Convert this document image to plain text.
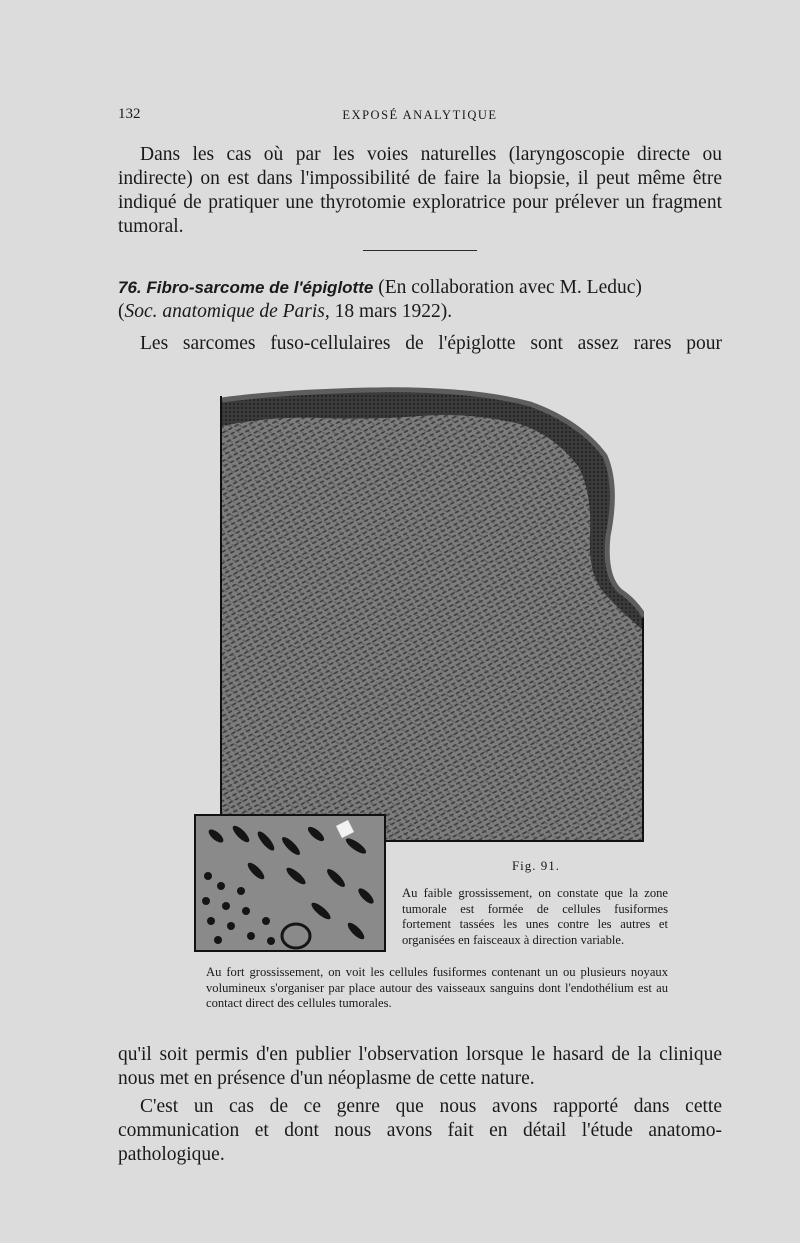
132	EXPOSÉ ANALYTIQUE

Dans les cas où par les voies naturelles (laryngoscopie directe ou indirecte) on est dans l'impossibilité de faire la biopsie, il peut même être indiqué de pratiquer une thyrotomie exploratrice pour prélever un fragment tumoral.

76. Fibro-sarcome de l'épiglotte (En collaboration avec M. Leduc)
(Soc. anatomique de Paris, 18 mars 1922).

Les sarcomes fuso-cellulaires de l'épiglotte sont assez rares pour

Fig. 91.

Au faible grossissement, on constate que la zone tumorale est formée de cellules fusiformes fortement tassées les unes contre les autres et organisées en faisceaux à direction variable.

Au fort grossissement, on voit les cellules fusiformes contenant un ou plusieurs noyaux volumineux s'organiser par place autour des vaisseaux sanguins dont l'endothélium est au contact direct des cellules tumorales.

qu'il soit permis d'en publier l'observation lorsque le hasard de la clinique nous met en présence d'un néoplasme de cette nature.

C'est un cas de ce genre que nous avons rapporté dans cette communication et dont nous avons fait en détail l'étude anatomo-pathologique.
